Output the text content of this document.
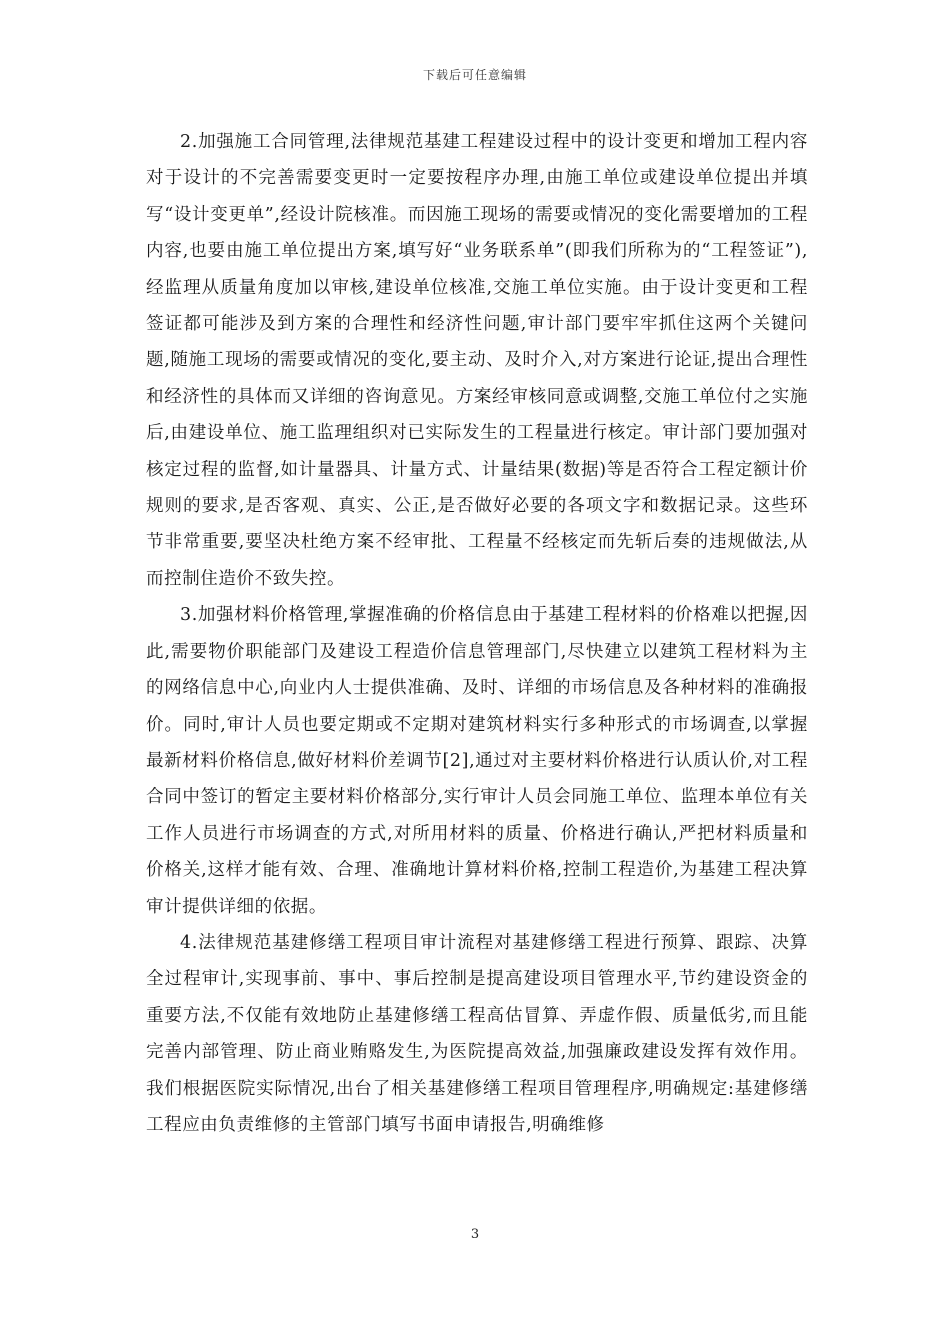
下载后可任意编辑

2.加强施工合同管理,法律规范基建工程建设过程中的设计变更和增加工程内容对于设计的不完善需要变更时一定要按程序办理,由施工单位或建设单位提出并填写“设计变更单”,经设计院核准。而因施工现场的需要或情况的变化需要增加的工程内容,也要由施工单位提出方案,填写好“业务联系单”(即我们所称为的“工程签证”),经监理从质量角度加以审核,建设单位核准,交施工单位实施。由于设计变更和工程签证都可能涉及到方案的合理性和经济性问题,审计部门要牢牢抓住这两个关键问题,随施工现场的需要或情况的变化,要主动、及时介入,对方案进行论证,提出合理性和经济性的具体而又详细的咨询意见。方案经审核同意或调整,交施工单位付之实施后,由建设单位、施工监理组织对已实际发生的工程量进行核定。审计部门要加强对核定过程的监督,如计量器具、计量方式、计量结果(数据)等是否符合工程定额计价规则的要求,是否客观、真实、公正,是否做好必要的各项文字和数据记录。这些环节非常重要,要坚决杜绝方案不经审批、工程量不经核定而先斩后奏的违规做法,从而控制住造价不致失控。

3.加强材料价格管理,掌握准确的价格信息由于基建工程材料的价格难以把握,因此,需要物价职能部门及建设工程造价信息管理部门,尽快建立以建筑工程材料为主的网络信息中心,向业内人士提供准确、及时、详细的市场信息及各种材料的准确报价。同时,审计人员也要定期或不定期对建筑材料实行多种形式的市场调查,以掌握最新材料价格信息,做好材料价差调节[2],通过对主要材料价格进行认质认价,对工程合同中签订的暂定主要材料价格部分,实行审计人员会同施工单位、监理本单位有关工作人员进行市场调查的方式,对所用材料的质量、价格进行确认,严把材料质量和价格关,这样才能有效、合理、准确地计算材料价格,控制工程造价,为基建工程决算审计提供详细的依据。

4.法律规范基建修缮工程项目审计流程对基建修缮工程进行预算、跟踪、决算全过程审计,实现事前、事中、事后控制是提高建设项目管理水平,节约建设资金的重要方法,不仅能有效地防止基建修缮工程高估冒算、弄虚作假、质量低劣,而且能完善内部管理、防止商业贿赂发生,为医院提高效益,加强廉政建设发挥有效作用。我们根据医院实际情况,出台了相关基建修缮工程项目管理程序,明确规定:基建修缮工程应由负责维修的主管部门填写书面申请报告,明确维修

3
